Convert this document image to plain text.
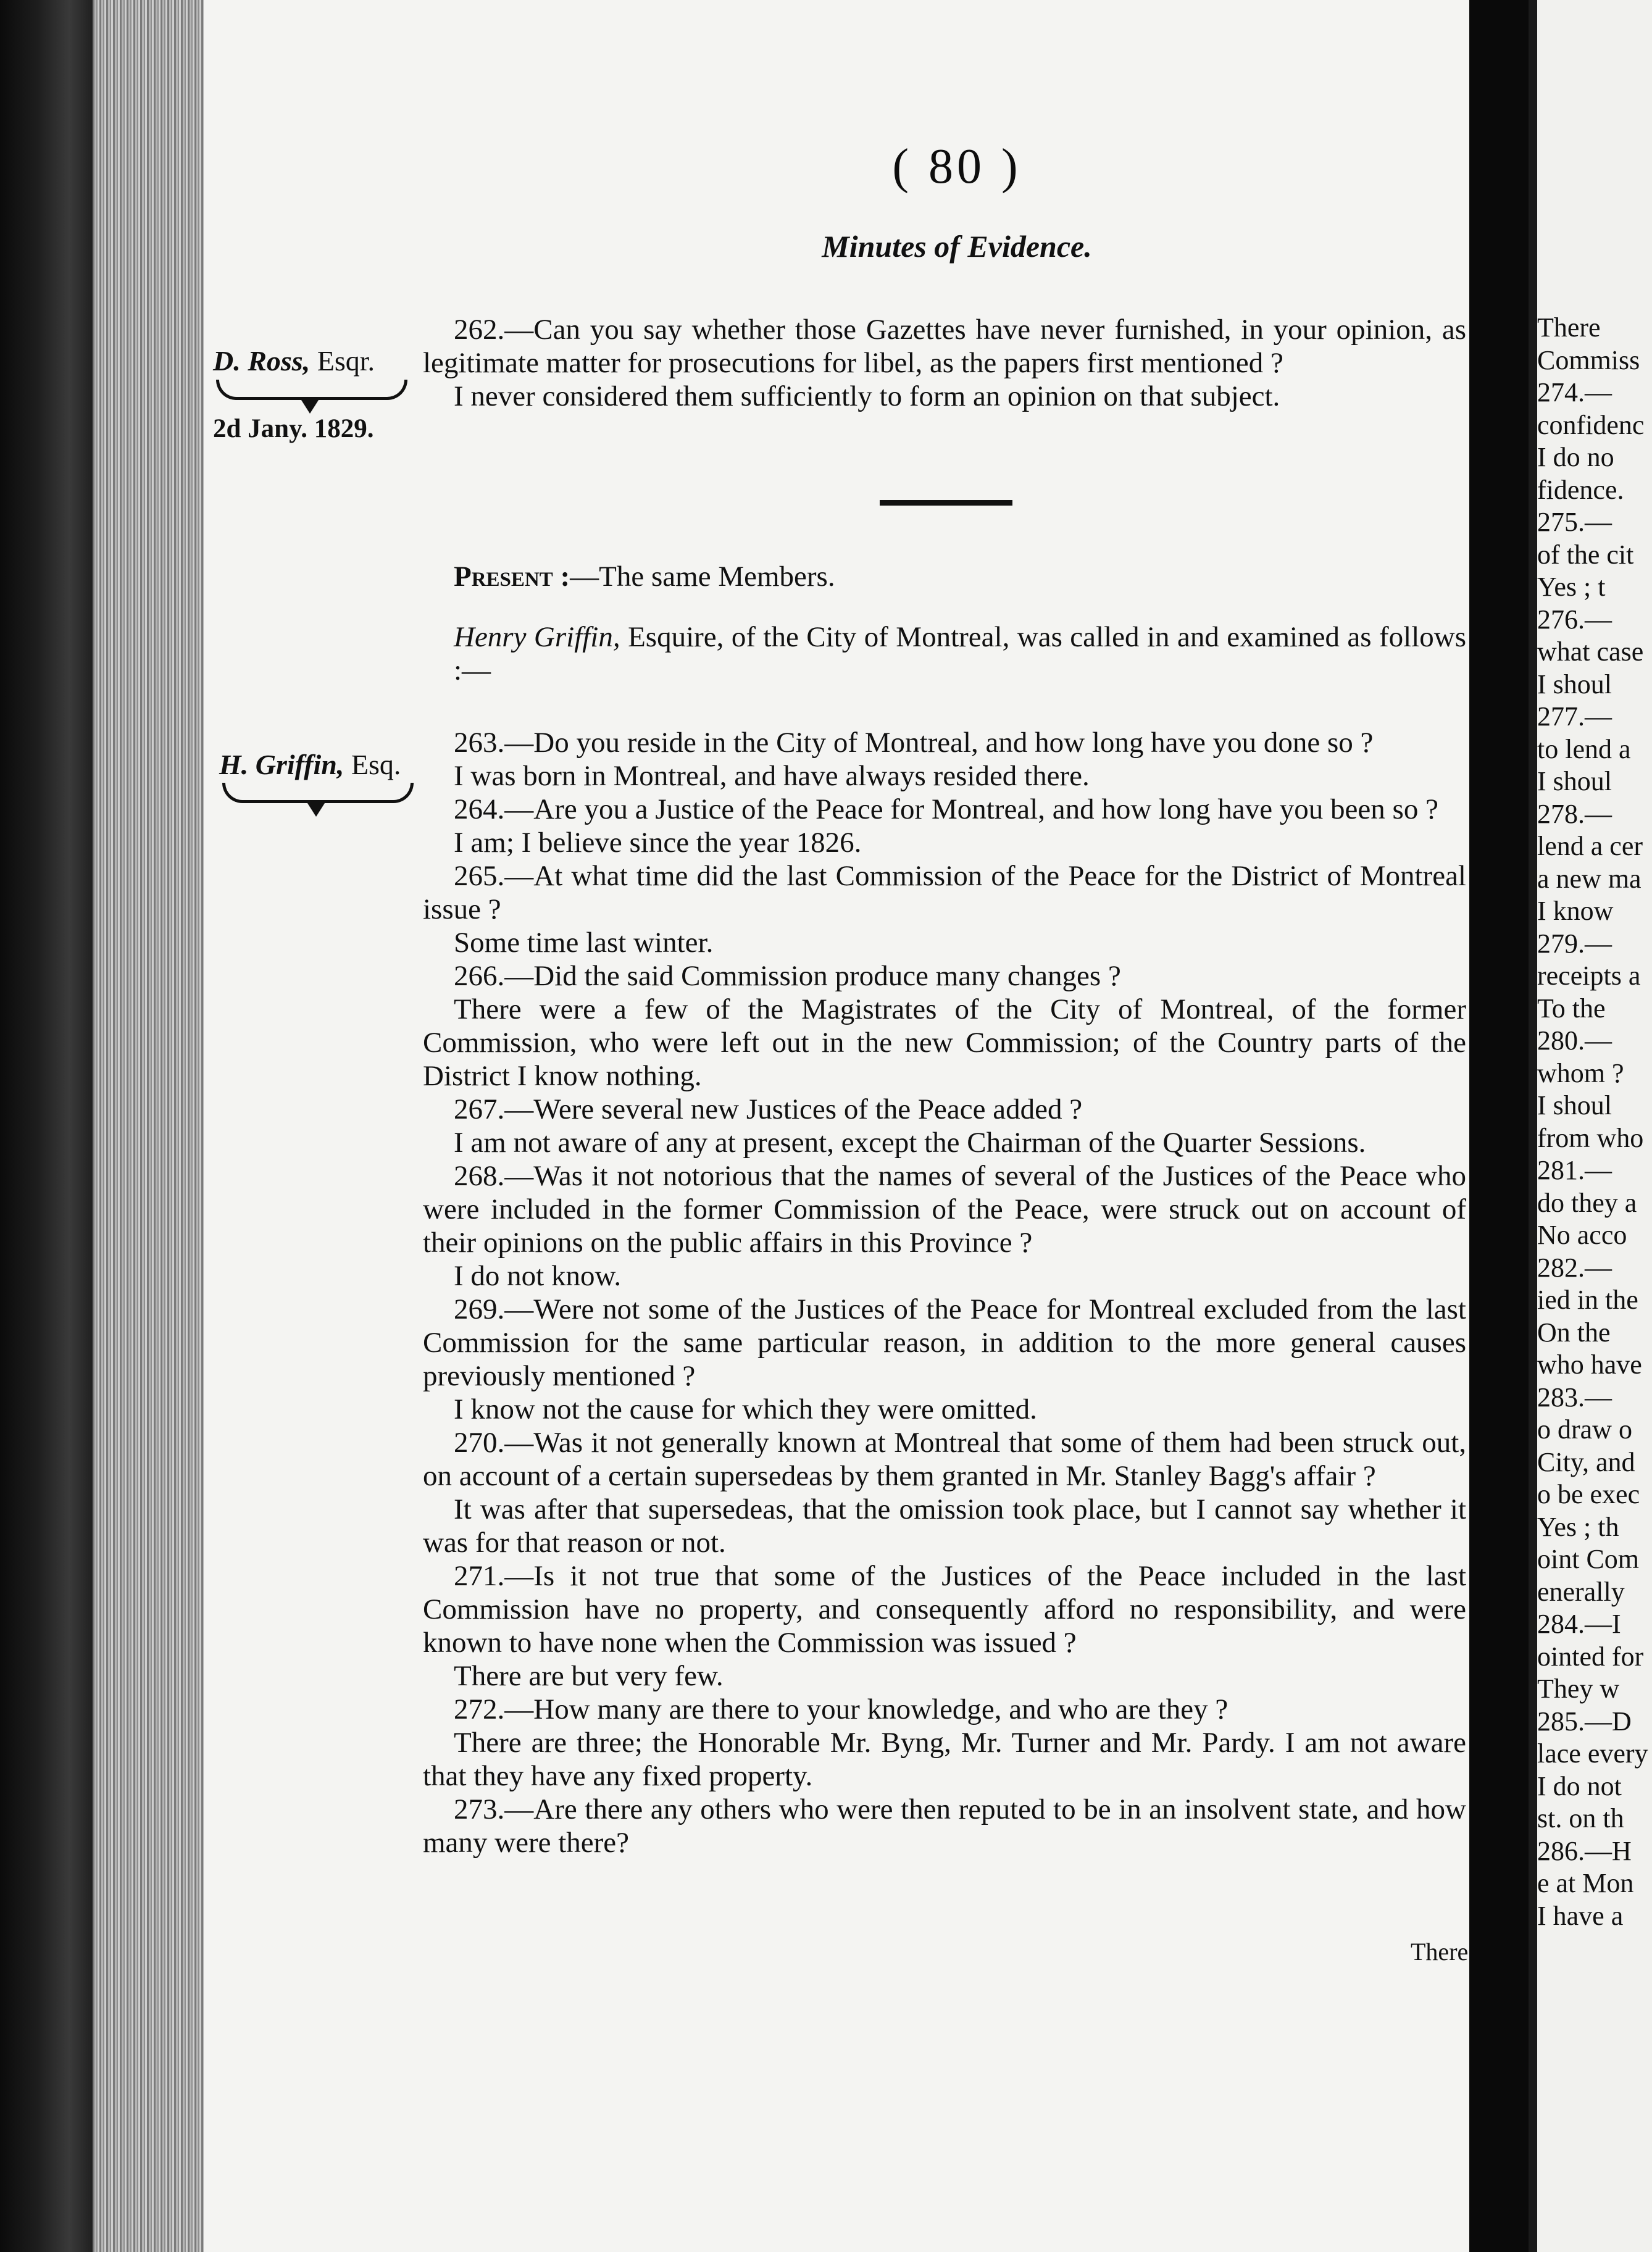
( 80 )
Minutes of Evidence.
D. Ross, Esqr.
2d Jany. 1829.
H. Griffin, Esq.

262.—Can you say whether those Gazettes have never furnished, in your opinion, as legitimate matter for prosecutions for libel, as the papers first mentioned ?

I never considered them sufficiently to form an opinion on that subject.

Present :—The same Members.

Henry Griffin, Esquire, of the City of Montreal, was called in and examined as follows :—

263.—Do you reside in the City of Montreal, and how long have you done so ?

I was born in Montreal, and have always resided there.

264.—Are you a Justice of the Peace for Montreal, and how long have you been so ?

I am; I believe since the year 1826.

265.—At what time did the last Commission of the Peace for the District of Montreal issue ?

Some time last winter.

266.—Did the said Commission produce many changes ?

There were a few of the Magistrates of the City of Montreal, of the former Commission, who were left out in the new Commission; of the Country parts of the District I know nothing.

267.—Were several new Justices of the Peace added ?

I am not aware of any at present, except the Chairman of the Quarter Sessions.

268.—Was it not notorious that the names of several of the Justices of the Peace who were included in the former Commission of the Peace, were struck out on account of their opinions on the public affairs in this Province ?

I do not know.

269.—Were not some of the Justices of the Peace for Montreal excluded from the last Commission for the same particular reason, in addition to the more general causes previously mentioned ?

I know not the cause for which they were omitted.

270.—Was it not generally known at Montreal that some of them had been struck out, on account of a certain supersedeas by them granted in Mr. Stanley Bagg's affair ?

It was after that supersedeas, that the omission took place, but I cannot say whether it was for that reason or not.

271.—Is it not true that some of the Justices of the Peace included in the last Commission have no property, and consequently afford no responsibility, and were known to have none when the Commission was issued ?

There are but very few.

272.—How many are there to your knowledge, and who are they ?

There are three; the Honorable Mr. Byng, Mr. Turner and Mr. Pardy. I am not aware that they have any fixed property.

273.—Are there any others who were then reputed to be in an insolvent state, and how many were there?

There
There
Commiss
274.—
confidenc
I do no
fidence.
275.—
of the cit
Yes ; t
276.—
what case
I shoul
277.—
to lend a
I shoul
278.—
lend a cer
a new ma
I know
279.—
receipts a
To the
280.—
whom ?
I shoul
from who
281.—
do they a
No acco
282.—
ied in the
On the
who have
283.—
o draw o
City, and
o be exec
Yes ; th
oint Com
enerally
284.—I
ointed for
They w
285.—D
lace every
I do not
st. on th
286.—H
e at Mon
I have a
